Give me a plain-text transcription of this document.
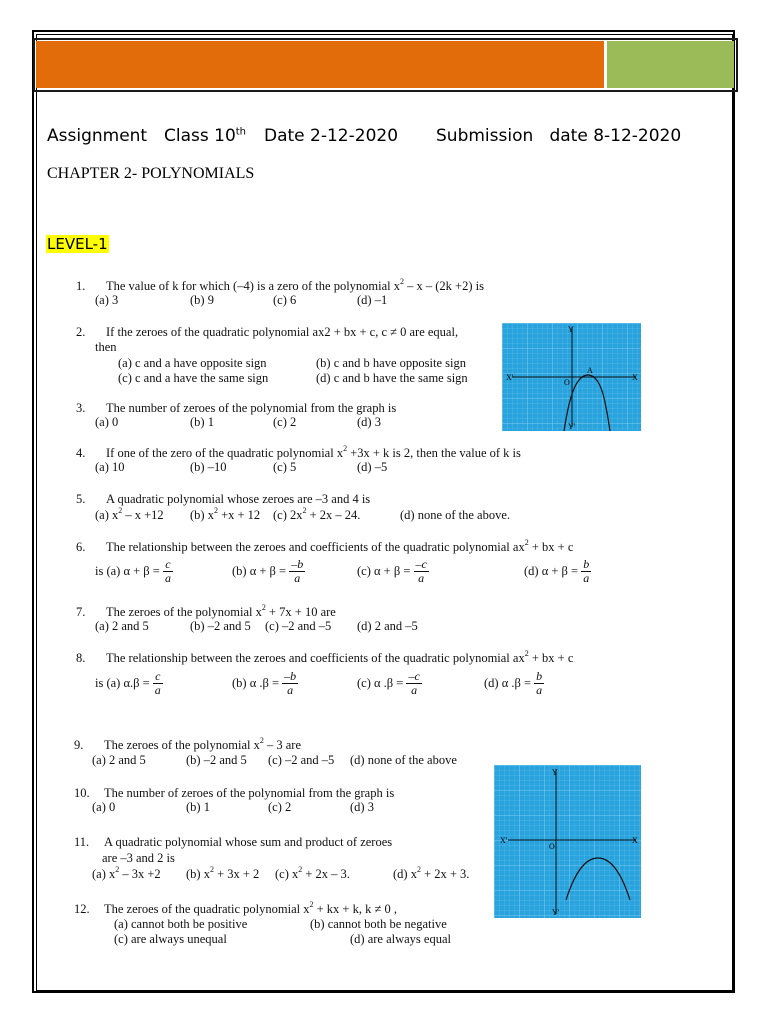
Assignment Class 10th Date 2-12-2020 Submission   date 8-12-2020
CHAPTER 2- POLYNOMIALS
LEVEL-1
1. The value of k for which (–4) is a zero of the polynomial $x^2 - x - (2k +2)$ is
(a) 3	(b) 9	(c) 6	(d) –1
2. If the zeroes of the quadratic polynomial ax2 + bx + c, c ≠ 0 are equal,
then
(a) c and a have opposite sign	(b) c and b have opposite sign
(c) c and a have the same sign	(d) c and b have the same sign	X'	X
Y
Y'
O
A
3. The number of zeroes of the polynomial from the graph is
(a) 0	(b) 1	(c) 2	(d) 3
4. If one of the zero of the quadratic polynomial $x^2 +3x + k$ is 2, then the value of k is
(a) 10	(b) –10	(c) 5	(d) –5
5. A quadratic polynomial whose zeroes are –3 and 4 is
(a) $x^2 - x +12$ (b) $x^2 +x + 12$ (c) $2x^2 + 2x - 24$.	(d) none of the above.
6. The relationship between the zeroes and coefficients of the quadratic polynomial $ax^2$ + bx + c
is (a) $\alpha + \beta = \frac{c}{a}$	(b) $\alpha + \beta = \frac{-b}{a}$	(c) $\alpha + \beta = \frac{-c}{a}$	(d) $\alpha + \beta = \frac{b}{a}$
7. The zeroes of the polynomial $x^2 + 7x + 10$ are
(a) 2 and 5	(b) –2 and 5 (c) –2 and –5 (d) 2 and –5
8. The relationship between the zeroes and coefficients of the quadratic polynomial $ax^2$ + bx + c
is (a) $\alpha.\beta = \frac{c}{a}$	(b) α $.\beta = \frac{-b}{a}$	(c) α $.\beta = \frac{-c}{a}$	(d) α $.\beta = \frac{b}{a}$
9. The zeroes of the polynomial $x^2 - 3$ are
(a) 2 and 5	(b) –2 and 5 (c) –2 and –5 (d) none of the above
X'	X
Y
Y'
O
10. The number of zeroes of the polynomial from the graph is
(a) 0	(b) 1	(c) 2	(d) 3
11. A quadratic polynomial whose sum and product of zeroes
are –3 and 2 is
(a) $x^2 - 3x +2$ (b) $x^2 + 3x + 2$ (c) $x^2 + 2x - 3$.	(d) $x^2 + 2x + 3$.
12. The zeroes of the quadratic polynomial $x^2$ + kx + k, k ≠ 0 ,
(a) cannot both be positive	(b) cannot both be negative
(c) are always unequal	(d) are always equal
